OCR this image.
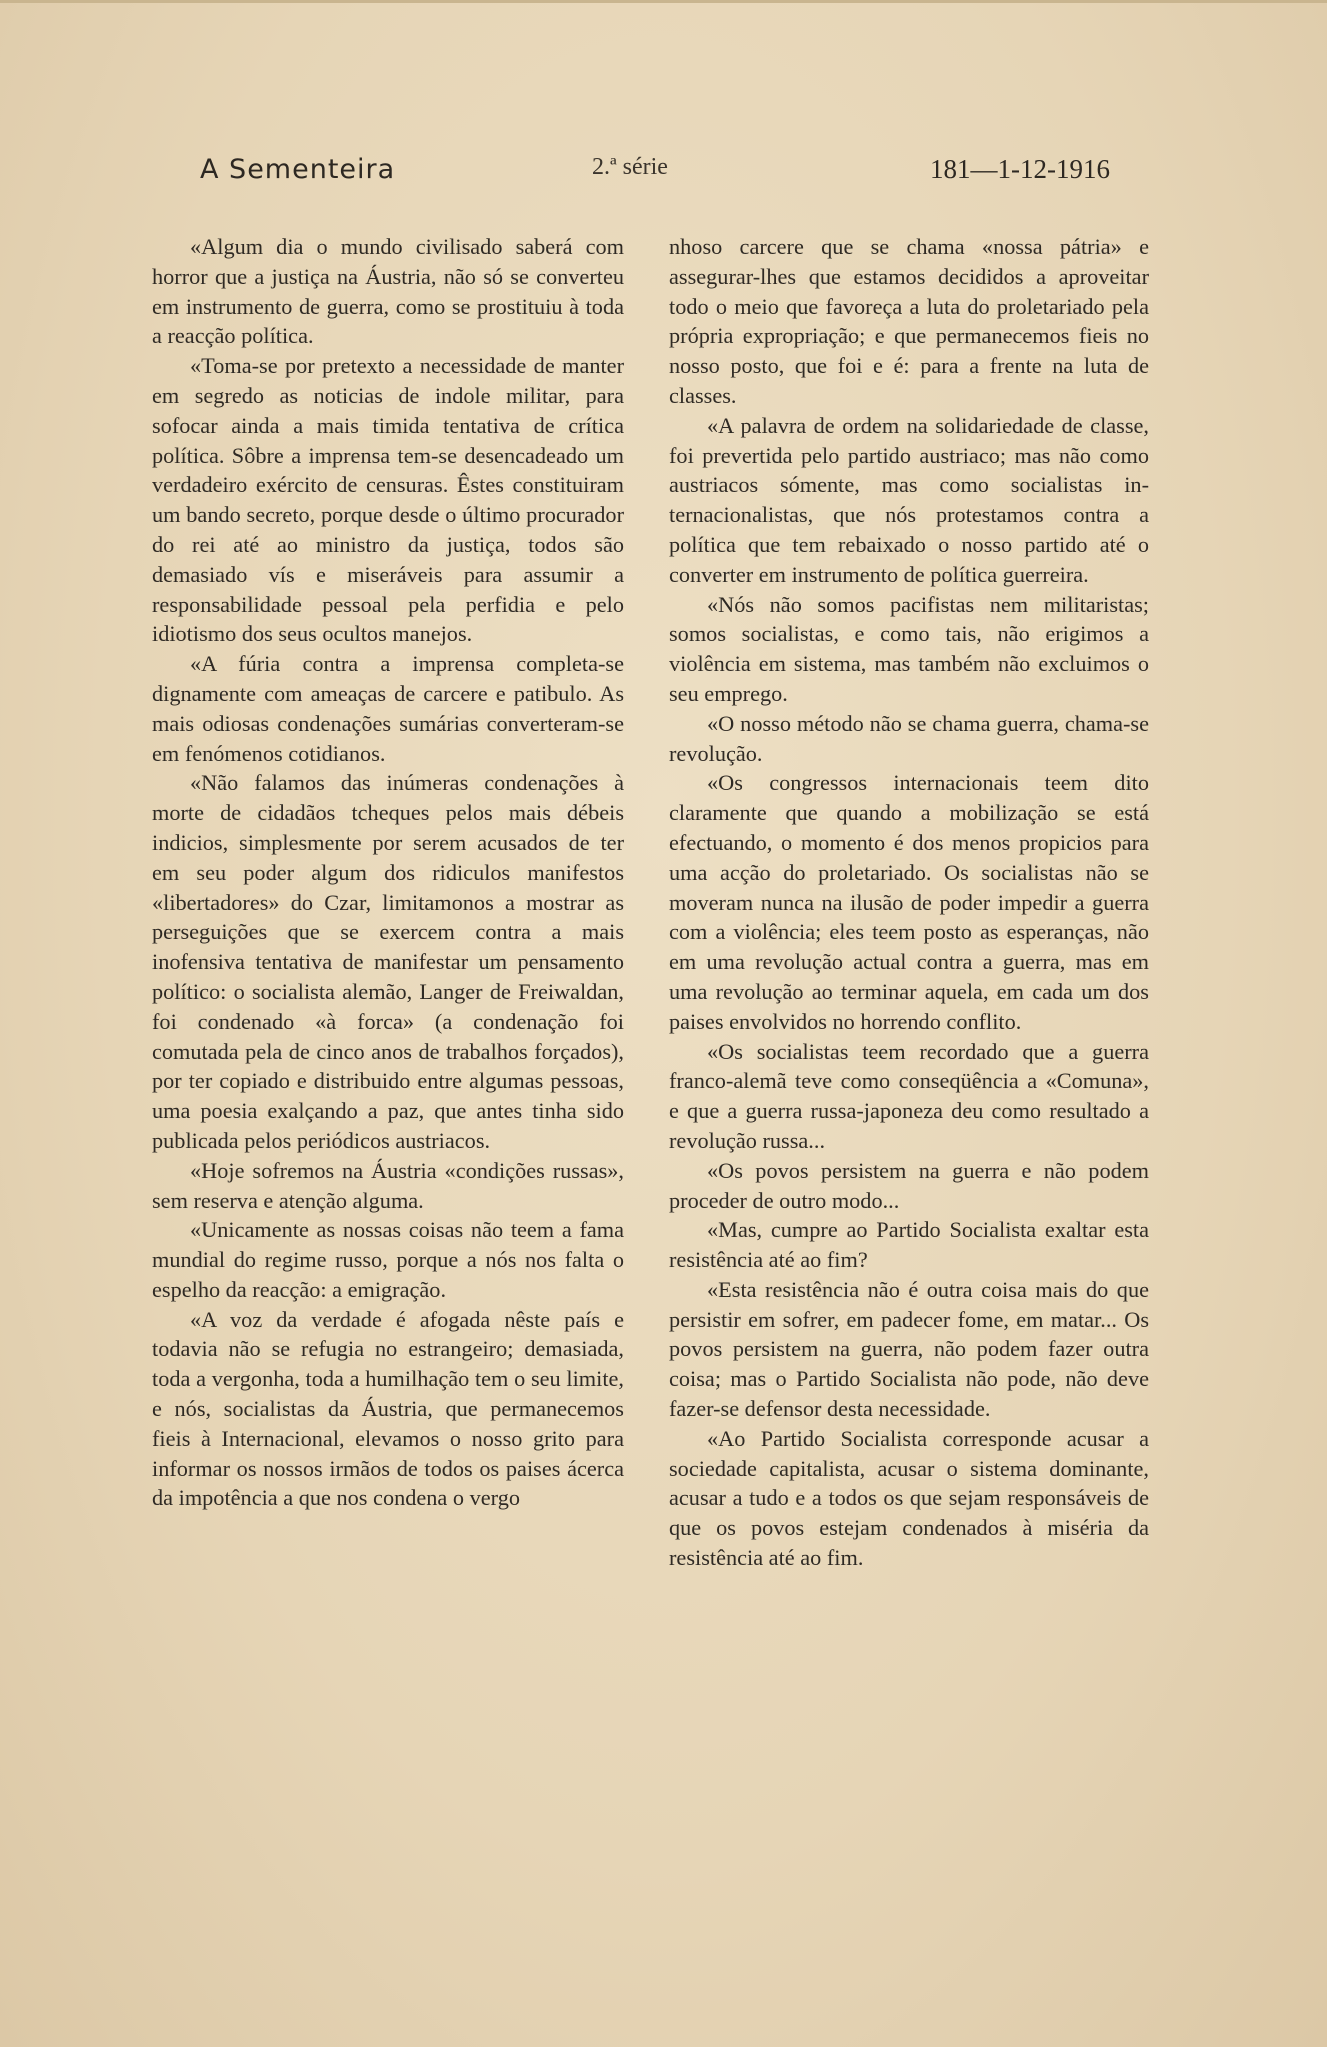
A Sementeira	2.ª série	181—1-12-1916

«Algum dia o mundo civilisado saberá com horror que a justiça na Áustria, não só se converteu em instrumento de guerra, como se prostituiu à toda a reacção política.

«Toma-se por pretexto a necessidade de manter em segredo as noticias de indole militar, para sofocar ainda a mais timida tentativa de crítica política. Sôbre a imprensa tem-se desencadeado um verdadeiro exército de censuras. Êstes constituiram um bando secreto, porque desde o último procurador do rei até ao ministro da justiça, todos são demasiado vís e miseráveis para assumir a responsabilidade pessoal pela perfidia e pelo idiotismo dos seus ocultos manejos.

«A fúria contra a imprensa completa-se dignamente com ameaças de carcere e patibulo. As mais odiosas condenações sumárias converteram-se em fenómenos cotidianos.

«Não falamos das inúmeras condenações à morte de cidadãos tcheques pelos mais débeis indicios, simplesmente por serem acusados de ter em seu poder algum dos ridiculos manifestos «libertadores» do Czar, limitamonos a mostrar as perseguições que se exercem contra a mais inofensiva tentativa de manifestar um pensamento político: o socialista alemão, Langer de Freiwaldan, foi condenado «à forca» (a condenação foi comutada pela de cinco anos de trabalhos forçados), por ter copiado e distribuido entre algumas pessoas, uma poesia exalçando a paz, que antes tinha sido publicada pelos periódicos austriacos.

«Hoje sofremos na Áustria «condições russas», sem reserva e atenção alguma.

«Unicamente as nossas coisas não teem a fama mundial do regime russo, porque a nós nos falta o espelho da reacção: a emigração.

«A voz da verdade é afogada nêste país e todavia não se refugia no estrangeiro; demasiada, toda a vergonha, toda a humilhação tem o seu limite, e nós, socialistas da Áustria, que permanecemos fieis à Internacional, elevamos o nosso grito para informar os nossos irmãos de todos os paises ácerca da impotência a que nos condena o vergo

nhoso carcere que se chama «nossa pátria» e assegurar-lhes que estamos decididos a aproveitar todo o meio que favoreça a luta do proletariado pela própria expropriação; e que permanecemos fieis no nosso posto, que foi e é: para a frente na luta de classes.

«A palavra de ordem na solidariedade de classe, foi prevertida pelo partido austriaco; mas não como austriacos sómente, mas como socialistas internacionalistas, que nós protestamos contra a política que tem rebaixado o nosso partido até o converter em instrumento de política guerreira.

«Nós não somos pacifistas nem militaristas; somos socialistas, e como tais, não erigimos a violência em sistema, mas também não excluimos o seu emprego.

«O nosso método não se chama guerra, chama-se revolução.

«Os congressos internacionais teem dito claramente que quando a mobilização se está efectuando, o momento é dos menos propicios para uma acção do proletariado. Os socialistas não se moveram nunca na ilusão de poder impedir a guerra com a violência; eles teem posto as esperanças, não em uma revolução actual contra a guerra, mas em uma revolução ao terminar aquela, em cada um dos paises envolvidos no horrendo conflito.

«Os socialistas teem recordado que a guerra franco-alemã teve como conseqüência a «Comuna», e que a guerra russa-japoneza deu como resultado a revolução russa...

«Os povos persistem na guerra e não podem proceder de outro modo...

«Mas, cumpre ao Partido Socialista exaltar esta resistência até ao fim?

«Esta resistência não é outra coisa mais do que persistir em sofrer, em padecer fome, em matar... Os povos persistem na guerra, não podem fazer outra coisa; mas o Partido Socialista não pode, não deve fazer-se defensor desta necessidade.

«Ao Partido Socialista corresponde acusar a sociedade capitalista, acusar o sistema dominante, acusar a tudo e a todos os que sejam responsáveis de que os povos estejam condenados à miséria da resistência até ao fim.
